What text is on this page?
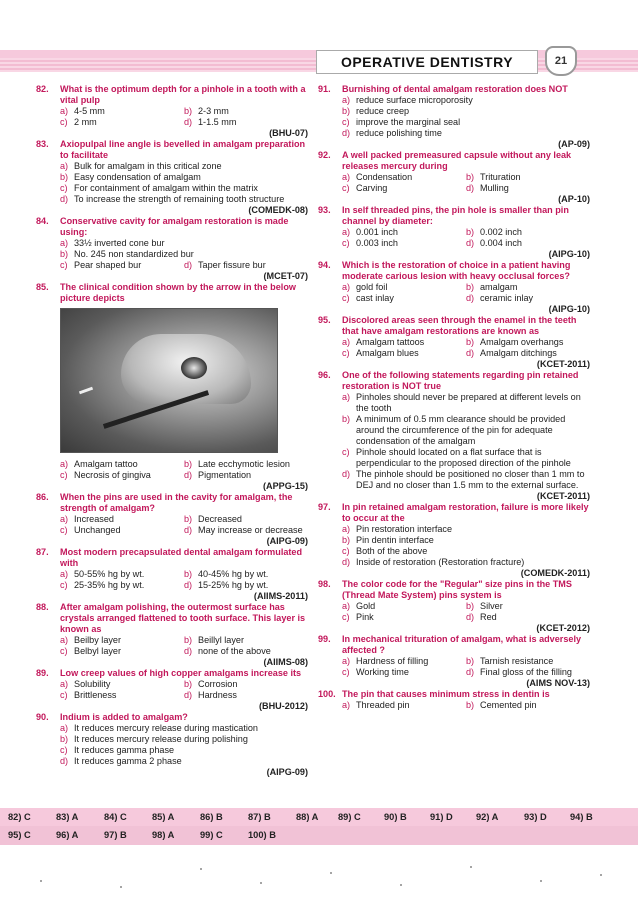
OPERATIVE DENTISTRY	21
82.	What is the optimum depth for a pinhole in a tooth with a vital pulp
a) 4-5 mm	b) 2-3 mm
c) 2 mm	d) 1-1.5 mm
(BHU-07)
83.	Axiopulpal line angle is bevelled in amalgam preparation to facilitate
a) Bulk for amalgam in this critical zone
b) Easy condensation of amalgam
c) For containment of amalgam within the matrix
d) To increase the strength of remaining tooth structure
(COMEDK-08)
84.	Conservative cavity for amalgam restoration is made using:
a) 33½ inverted cone bur
b) No. 245 non standardized bur
c) Pear shaped bur	d) Taper fissure bur
(MCET-07)
85.	The clinical condition shown by the arrow in the below picture depicts
a) Amalgam tattoo	b) Late ecchymotic lesion
c) Necrosis of gingiva	d) Pigmentation
(APPG-15)
86.	When the pins are used in the cavity for amalgam, the strength of amalgam?
a) Increased	b) Decreased
c) Unchanged	d) May increase or decrease
(AIPG-09)
87.	Most modern precapsulated dental amalgam formulated with
a) 50-55% hg by wt.	b) 40-45% hg by wt.
c) 25-35% hg by wt.	d) 15-25% hg by wt.
(AIIMS-2011)
88.	After amalgam polishing, the outermost surface has crystals arranged flattened to tooth surface. This layer is known as
a) Beilby layer	b) Beillyl layer
c) Belbyl layer	d) none of the above
(AIIMS-08)
89.	Low creep values of high copper amalgams increase its
a) Solubility	b) Corrosion
c) Brittleness	d) Hardness
(BHU-2012)
90.	Indium is added to amalgam?
a) It reduces mercury release during mastication
b) It reduces mercury release during polishing
c) It reduces gamma phase
d) It reduces gamma 2 phase
(AIPG-09)
91.	Burnishing of dental amalgam restoration does NOT
a) reduce surface microporosity
b) reduce creep
c) improve the marginal seal
d) reduce polishing time
(AP-09)
92.	A well packed premeasured capsule without any leak releases mercury during
a) Condensation	b) Trituration
c) Carving	d) Mulling
(AP-10)
93.	In self threaded pins, the pin hole is smaller than pin channel by diameter:
a) 0.001 inch	b) 0.002 inch
c) 0.003 inch	d) 0.004 inch
(AIPG-10)
94.	Which is the restoration of choice in a patient having moderate carious lesion with heavy occlusal forces?
a) gold foil	b) amalgam
c) cast inlay	d) ceramic inlay
(AIPG-10)
95.	Discolored areas seen through the enamel in the teeth that have amalgam restorations are known as
a) Amalgam tattoos	b) Amalgam overhangs
c) Amalgam blues	d) Amalgam ditchings
(KCET-2011)
96.	One of the following statements regarding pin retained restoration is NOT true
a) Pinholes should never be prepared at different levels on the tooth
b) A minimum of 0.5 mm clearance should be provided around the circumference of the pin for adequate condensation of the amalgam
c) Pinhole should located on a flat surface that is perpendicular to the proposed direction of the pinhole
d) The pinhole should be positioned no closer than 1 mm to DEJ and no closer than 1.5 mm to the external surface.
(KCET-2011)
97.	In pin retained amalgam restoration, failure is more likely to occur at the
a) Pin restoration interface
b) Pin dentin interface
c) Both of the above
d) Inside of restoration (Restoration fracture)
(COMEDK-2011)
98.	The color code for the "Regular" size pins in the TMS (Thread Mate System) pins system is
a) Gold	b) Silver
c) Pink	d) Red
(KCET-2012)
99.	In mechanical trituration of amalgam, what is adversely affected ?
a) Hardness of filling	b) Tarnish resistance
c) Working time	d) Final gloss of the filling
(AIMS NOV-13)
100. The pin that causes minimum stress in dentin is
a) Threaded pin	b) Cemented pin
82) C	83) A	84) C	85) A	86) B	87) B	88) A 89) C	90) B	91) D	92) A	93) D	94) B
95) C	96) A	97) B	98) A	99) C	100) B
